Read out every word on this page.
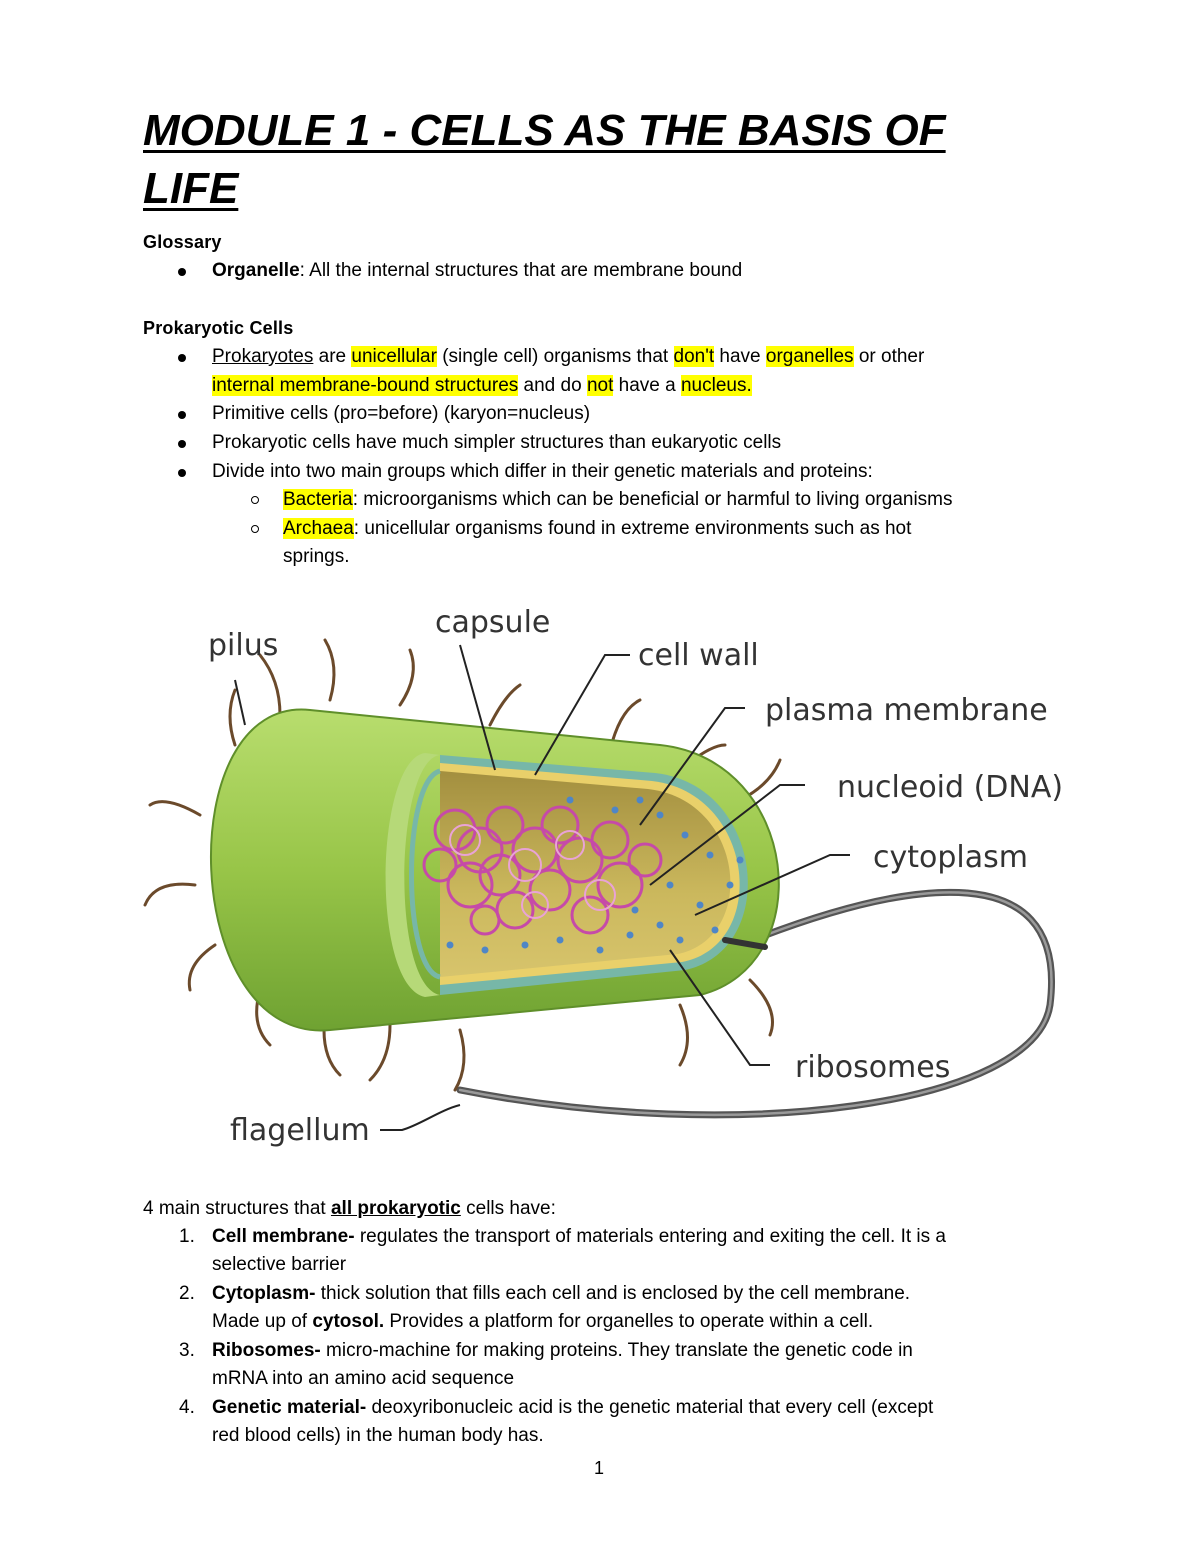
MODULE 1 - CELLS AS THE BASIS OF LIFE
Glossary
Organelle: All the internal structures that are membrane bound
Prokaryotic Cells
Prokaryotes are unicellular (single cell) organisms that don't have organelles or other
internal membrane-bound structures and do not have a nucleus.
Primitive cells (pro=before) (karyon=nucleus)
Prokaryotic cells have much simpler structures than eukaryotic cells
Divide into two main groups which differ in their genetic materials and proteins:
Bacteria: microorganisms which can be beneficial or harmful to living organisms
Archaea: unicellular organisms found in extreme environments such as hot
springs.
pilus
capsule
cell wall
plasma membrane
nucleoid (DNA)
cytoplasm
ribosomes
flagellum
4 main structures that all prokaryotic cells have:
1. Cell membrane- regulates the transport of materials entering and exiting the cell. It is a
selective barrier
2. Cytoplasm- thick solution that fills each cell and is enclosed by the cell membrane.
Made up of cytosol. Provides a platform for organelles to operate within a cell.
3. Ribosomes- micro-machine for making proteins. They translate the genetic code in
mRNA into an amino acid sequence
4. Genetic material- deoxyribonucleic acid is the genetic material that every cell (except
red blood cells) in the human body has.
1
